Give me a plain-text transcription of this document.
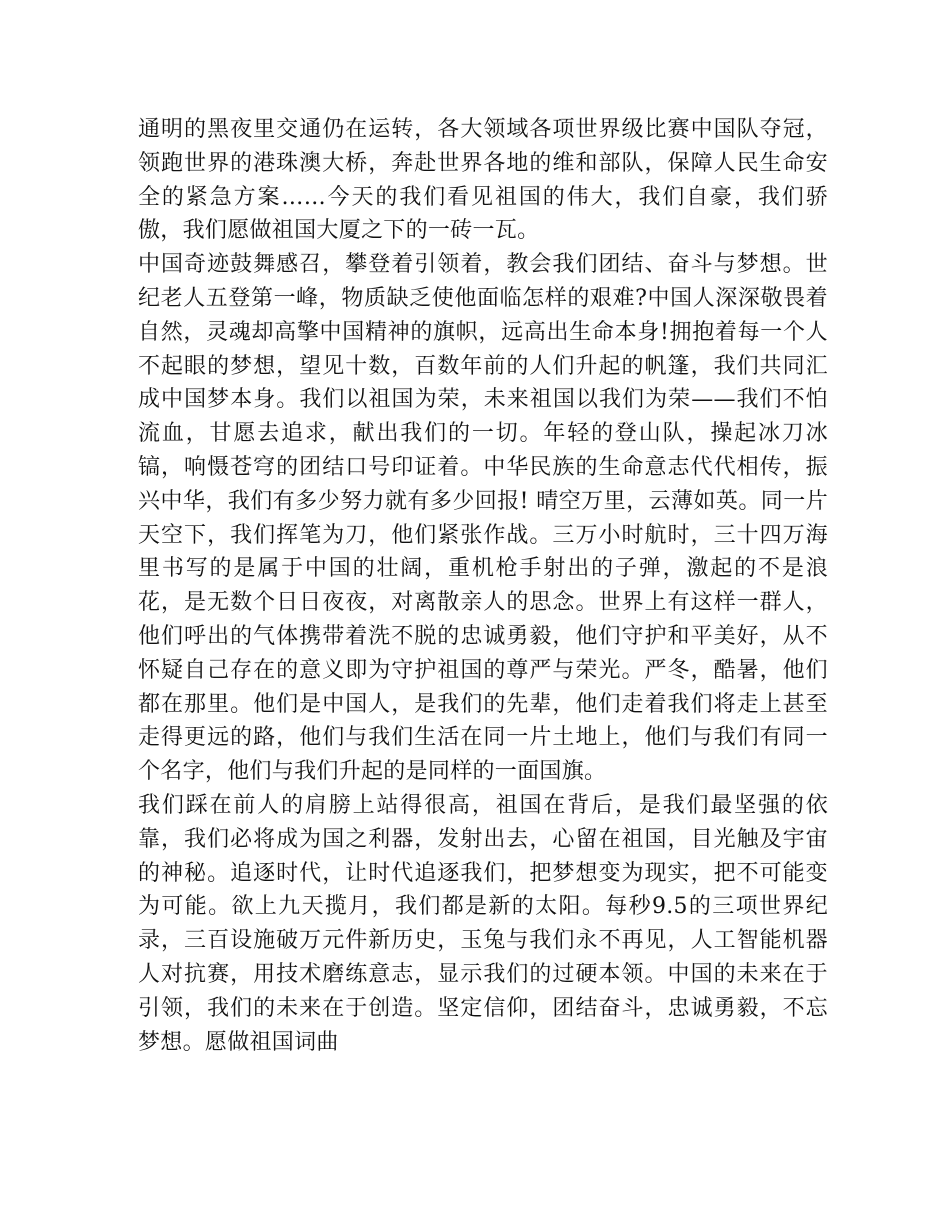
通明的黑夜里交通仍在运转，各大领域各项世界级比赛中国队夺冠，领跑世界的港珠澳大桥，奔赴世界各地的维和部队，保障人民生命安全的紧急方案……今天的我们看见祖国的伟大，我们自豪，我们骄傲，我们愿做祖国大厦之下的一砖一瓦。

中国奇迹鼓舞感召，攀登着引领着，教会我们团结、奋斗与梦想。世纪老人五登第一峰，物质缺乏使他面临怎样的艰难?中国人深深敬畏着自然，灵魂却高擎中国精神的旗帜，远高出生命本身!拥抱着每一个人不起眼的梦想，望见十数，百数年前的人们升起的帆篷，我们共同汇成中国梦本身。我们以祖国为荣，未来祖国以我们为荣——我们不怕流血，甘愿去追求，献出我们的一切。年轻的登山队，操起冰刀冰镐，响慑苍穹的团结口号印证着。中华民族的生命意志代代相传，振兴中华，我们有多少努力就有多少回报! 晴空万里，云薄如英。同一片天空下，我们挥笔为刀，他们紧张作战。三万小时航时，三十四万海里书写的是属于中国的壮阔，重机枪手射出的子弹，激起的不是浪花，是无数个日日夜夜，对离散亲人的思念。世界上有这样一群人，他们呼出的气体携带着洗不脱的忠诚勇毅，他们守护和平美好，从不怀疑自己存在的意义即为守护祖国的尊严与荣光。严冬，酷暑，他们都在那里。他们是中国人，是我们的先辈，他们走着我们将走上甚至走得更远的路，他们与我们生活在同一片土地上，他们与我们有同一个名字，他们与我们升起的是同样的一面国旗。

我们踩在前人的肩膀上站得很高，祖国在背后，是我们最坚强的依靠，我们必将成为国之利器，发射出去，心留在祖国，目光触及宇宙的神秘。追逐时代，让时代追逐我们，把梦想变为现实，把不可能变为可能。欲上九天揽月，我们都是新的太阳。每秒9.5的三项世界纪录，三百设施破万元件新历史，玉兔与我们永不再见，人工智能机器人对抗赛，用技术磨练意志，显示我们的过硬本领。中国的未来在于引领，我们的未来在于创造。坚定信仰，团结奋斗，忠诚勇毅，不忘梦想。愿做祖国词曲
